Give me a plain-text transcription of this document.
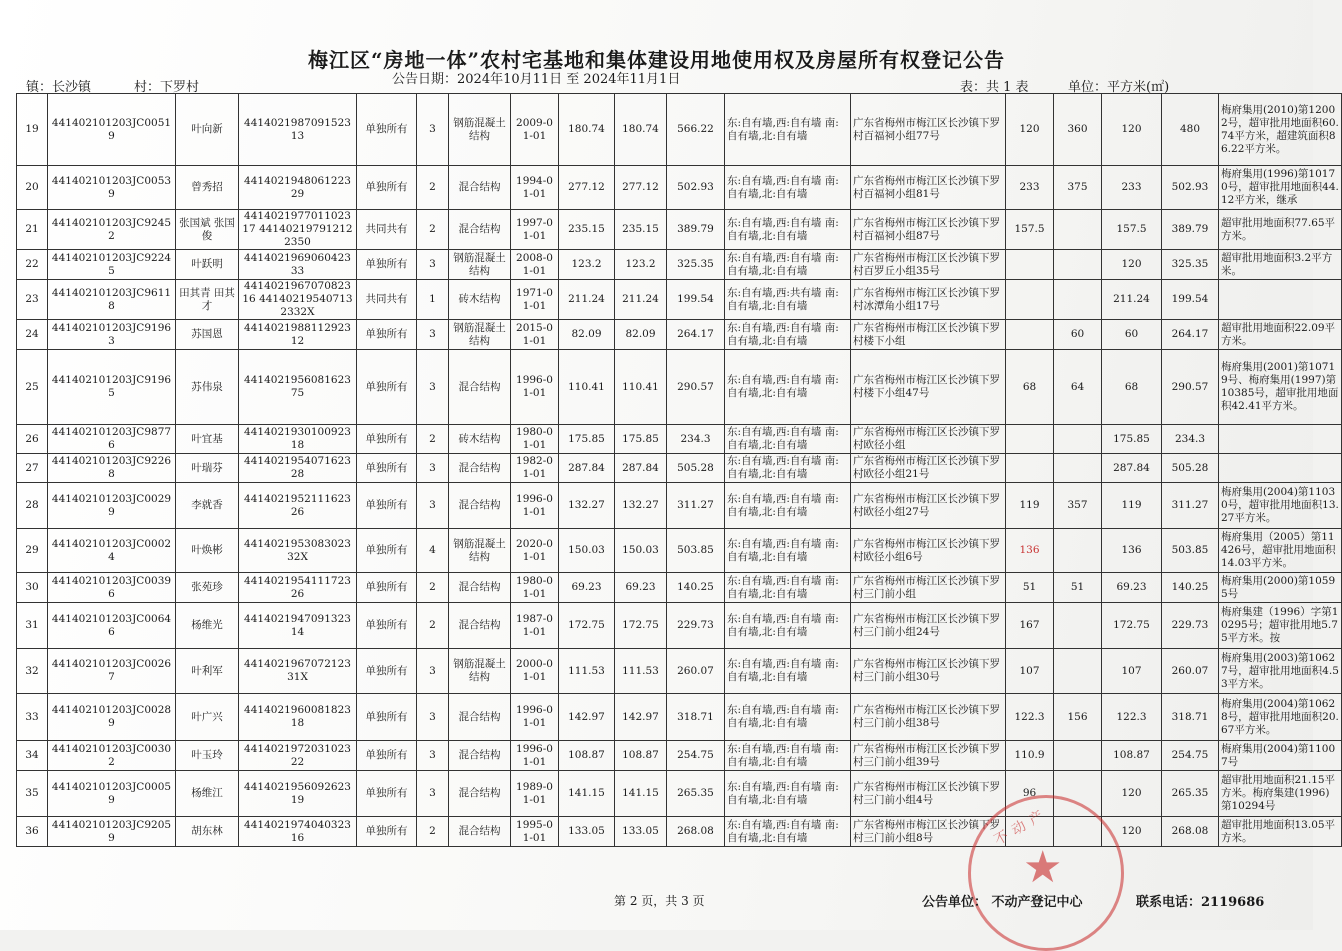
梅江区“房地一体”农村宅基地和集体建设用地使用权及房屋所有权登记公告
镇：长沙镇	村：下罗村
公告日期：2024年10月11日 至 2024年11月1日
表：共 1 表	单位：平方米(㎡)
19	441402101203JC00519	叶向新	441402198709152313	单独所有	3	钢筋混凝土结构	2009-01-01	180.74	180.74	566.22	东:自有墙,西:自有墙 南:自有墙,北:自有墙	广东省梅州市梅江区长沙镇下罗村百福祠小组77号	120	360	120	480	梅府集用(2010)第12002号，超审批用地面积60.74平方米，超建筑面积86.22平方米。
20	441402101203JC00539	曾秀招	441402194806122329	单独所有	2	混合结构	1994-01-01	277.12	277.12	502.93	东:自有墙,西:自有墙 南:自有墙,北:自有墙	广东省梅州市梅江区长沙镇下罗村百福祠小组81号	233	375	233	502.93	梅府集用(1996)第10170号，超审批用地面积44.12平方米，继承
21	441402101203JC92452	张国斌 张国俊	441402197701102317 441402197912122350	共同共有	2	混合结构	1997-01-01	235.15	235.15	389.79	东:自有墙,西:自有墙 南:自有墙,北:自有墙	广东省梅州市梅江区长沙镇下罗村百福祠小组87号	157.5		157.5	389.79	超审批用地面积77.65平方米。
22	441402101203JC92245	叶跃明	441402196906042333	单独所有	3	钢筋混凝土结构	2008-01-01	123.2	123.2	325.35	东:自有墙,西:自有墙 南:自有墙,北:自有墙	广东省梅州市梅江区长沙镇下罗村百罗丘小组35号			120	325.35	超审批用地面积3.2平方米。
23	441402101203JC96118	田其青 田其才	441402196707082316 441402195407132332X	共同共有	1	砖木结构	1971-01-01	211.24	211.24	199.54	东:自有墙,西:共有墙 南:自有墙,北:自有墙	广东省梅州市梅江区长沙镇下罗村冰潭角小组17号			211.24	199.54	
24	441402101203JC91963	苏国恩	441402198811292312	单独所有	3	钢筋混凝土结构	2015-01-01	82.09	82.09	264.17	东:自有墙,西:自有墙 南:自有墙,北:自有墙	广东省梅州市梅江区长沙镇下罗村楼下小组		60	60	264.17	超审批用地面积22.09平方米。
25	441402101203JC91965	苏伟泉	441402195608162375	单独所有	3	混合结构	1996-01-01	110.41	110.41	290.57	东:自有墙,西:自有墙 南:自有墙,北:自有墙	广东省梅州市梅江区长沙镇下罗村楼下小组47号	68	64	68	290.57	梅府集用(2001)第10719号、梅府集用(1997)第10385号，超审批用地面积42.41平方米。
26	441402101203JC98776	叶宜基	441402193010092318	单独所有	2	砖木结构	1980-01-01	175.85	175.85	234.3	东:自有墙,西:自有墙 南:自有墙,北:自有墙	广东省梅州市梅江区长沙镇下罗村欧径小组			175.85	234.3	
27	441402101203JC92268	叶瑞芬	441402195407162328	单独所有	3	混合结构	1982-01-01	287.84	287.84	505.28	东:自有墙,西:自有墙 南:自有墙,北:自有墙	广东省梅州市梅江区长沙镇下罗村欧径小组21号			287.84	505.28	
28	441402101203JC00299	李就香	441402195211162326	单独所有	3	混合结构	1996-01-01	132.27	132.27	311.27	东:自有墙,西:自有墙 南:自有墙,北:自有墙	广东省梅州市梅江区长沙镇下罗村欧径小组27号	119	357	119	311.27	梅府集用(2004)第11030号，超审批用地面积13.27平方米。
29	441402101203JC00024	叶焕彬	441402195308302332X	单独所有	4	钢筋混凝土结构	2020-01-01	150.03	150.03	503.85	东:自有墙,西:自有墙 南:自有墙,北:自有墙	广东省梅州市梅江区长沙镇下罗村欧径小组6号	136		136	503.85	梅府集用（2005）第11426号，超审批用地面积14.03平方米。
30	441402101203JC00396	张苑珍	441402195411172326	单独所有	2	混合结构	1980-01-01	69.23	69.23	140.25	东:自有墙,西:自有墙 南:自有墙,北:自有墙	广东省梅州市梅江区长沙镇下罗村三门前小组	51	51	69.23	140.25	梅府集用(2000)第10595号
31	441402101203JC00646	杨维光	441402194709132314	单独所有	2	混合结构	1987-01-01	172.75	172.75	229.73	东:自有墙,西:自有墙 南:自有墙,北:自有墙	广东省梅州市梅江区长沙镇下罗村三门前小组24号	167		172.75	229.73	梅府集建（1996）字第10295号；超审批用地5.75平方米。按
32	441402101203JC00267	叶利军	441402196707212331X	单独所有	3	钢筋混凝土结构	2000-01-01	111.53	111.53	260.07	东:自有墙,西:自有墙 南:自有墙,北:自有墙	广东省梅州市梅江区长沙镇下罗村三门前小组30号	107		107	260.07	梅府集用(2003)第10627号，超审批用地面积4.53平方米。
33	441402101203JC00289	叶广兴	441402196008182318	单独所有	3	混合结构	1996-01-01	142.97	142.97	318.71	东:自有墙,西:自有墙 南:自有墙,北:自有墙	广东省梅州市梅江区长沙镇下罗村三门前小组38号	122.3	156	122.3	318.71	梅府集用(2004)第10628号，超审批用地面积20.67平方米。
34	441402101203JC00302	叶玉玲	441402197203102322	单独所有	3	混合结构	1996-01-01	108.87	108.87	254.75	东:自有墙,西:自有墙 南:自有墙,北:自有墙	广东省梅州市梅江区长沙镇下罗村三门前小组39号	110.9		108.87	254.75	梅府集用(2004)第11007号
35	441402101203JC00059	杨维江	441402195609262319	单独所有	3	混合结构	1989-01-01	141.15	141.15	265.35	东:自有墙,西:自有墙 南:自有墙,北:自有墙	广东省梅州市梅江区长沙镇下罗村三门前小组4号	96		120	265.35	超审批用地面积21.15平方米。梅府集建(1996)第10294号
36	441402101203JC92059	胡东林	441402197404032316	单独所有	2	混合结构	1995-01-01	133.05	133.05	268.08	东:自有墙,西:自有墙 南:自有墙,北:自有墙	广东省梅州市梅江区长沙镇下罗村三门前小组8号			120	268.08	超审批用地面积13.05平方米。
不动产
★
第 2 页，共 3 页	公告单位： 不动产登记中心	联系电话：2119686
